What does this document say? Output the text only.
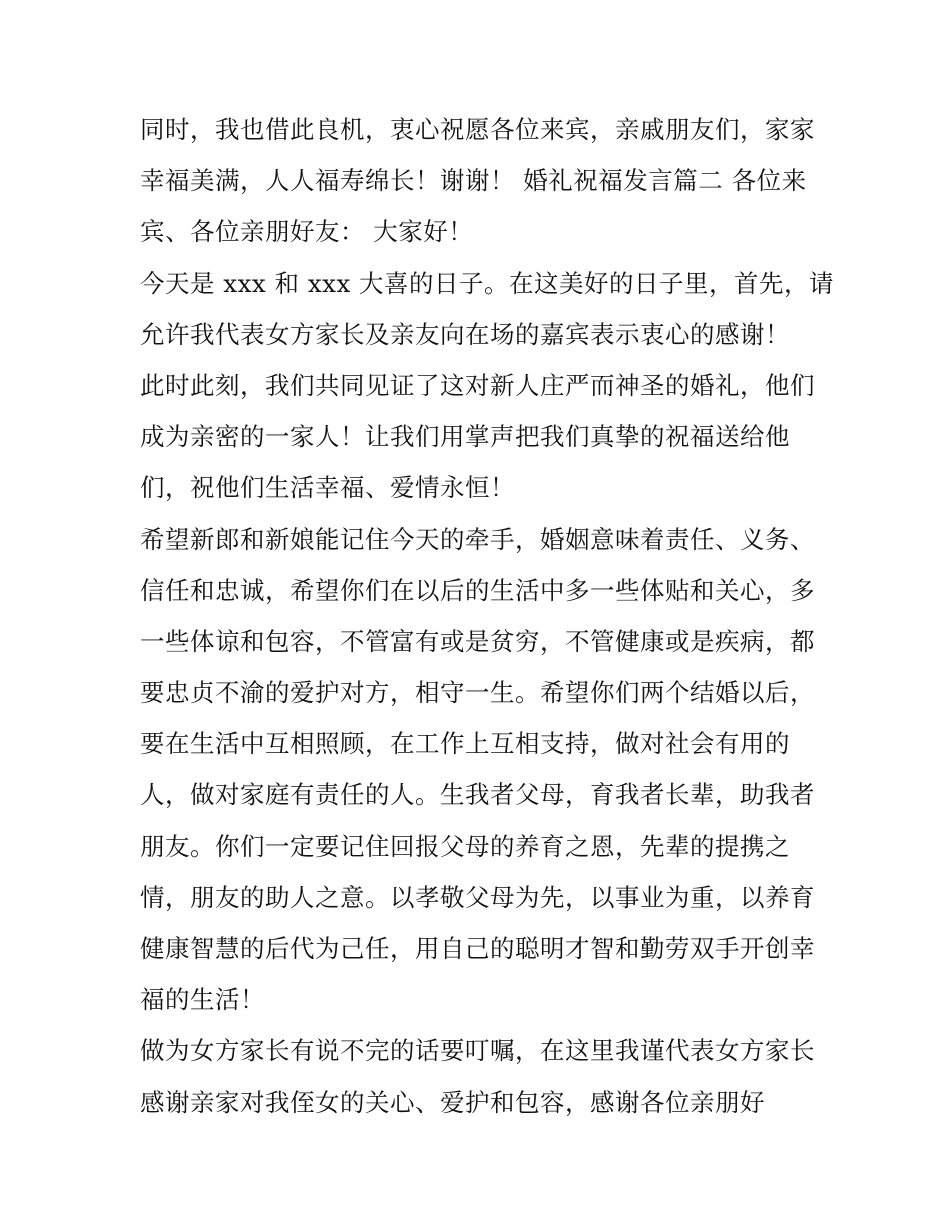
同时，我也借此良机，衷心祝愿各位来宾，亲戚朋友们，家家
幸福美满，人人福寿绵长！谢谢！ 婚礼祝福发言篇二 各位来
宾、各位亲朋好友： 大家好！
今天是 xxx 和 xxx 大喜的日子。在这美好的日子里，首先，请
允许我代表女方家长及亲友向在场的嘉宾表示衷心的感谢！
此时此刻，我们共同见证了这对新人庄严而神圣的婚礼，他们
成为亲密的一家人！让我们用掌声把我们真挚的祝福送给他
们，祝他们生活幸福、爱情永恒！
希望新郎和新娘能记住今天的牵手，婚姻意味着责任、义务、
信任和忠诚，希望你们在以后的生活中多一些体贴和关心，多
一些体谅和包容，不管富有或是贫穷，不管健康或是疾病，都
要忠贞不渝的爱护对方，相守一生。希望你们两个结婚以后，
要在生活中互相照顾，在工作上互相支持，做对社会有用的
人，做对家庭有责任的人。生我者父母，育我者长辈，助我者
朋友。你们一定要记住回报父母的养育之恩，先辈的提携之
情，朋友的助人之意。以孝敬父母为先，以事业为重，以养育
健康智慧的后代为己任，用自己的聪明才智和勤劳双手开创幸
福的生活！
做为女方家长有说不完的话要叮嘱，在这里我谨代表女方家长
感谢亲家对我侄女的关心、爱护和包容，感谢各位亲朋好
